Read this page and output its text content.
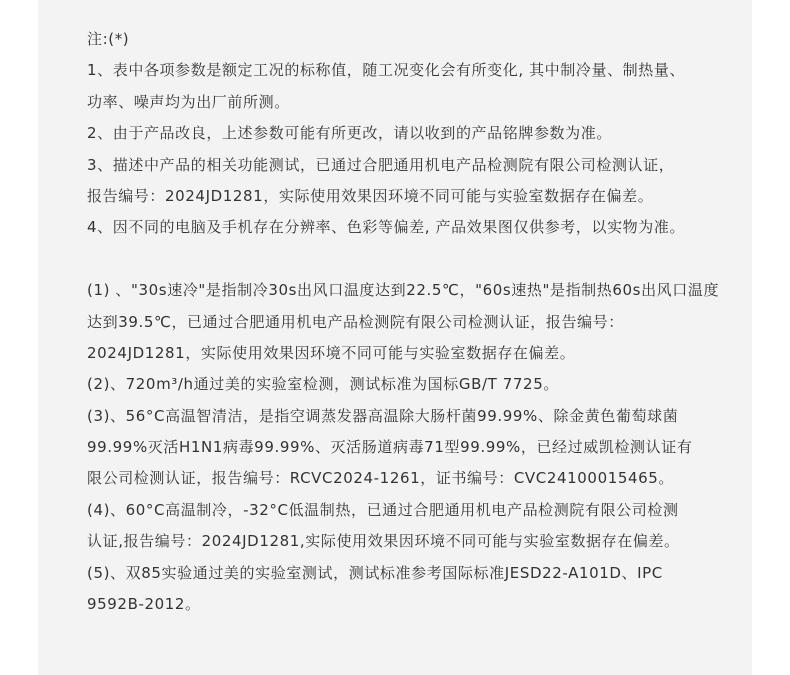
注:(*)

1、表中各项参数是额定工况的标称值，随工况变化会有所变化, 其中制冷量、制热量、

功率、噪声均为出厂前所测。

2、由于产品改良，上述参数可能有所更改，请以收到的产品铭牌参数为准。

3、描述中产品的相关功能测试，已通过合肥通用机电产品检测院有限公司检测认证，

报告编号：2024JD1281，实际使用效果因环境不同可能与实验室数据存在偏差。

4、因不同的电脑及手机存在分辨率、色彩等偏差, 产品效果图仅供参考，以实物为准。

(1) 、"30s速冷"是指制冷30s出风口温度达到22.5℃，"60s速热"是指制热60s出风口温度

达到39.5℃，已通过合肥通用机电产品检测院有限公司检测认证，报告编号：

2024JD1281，实际使用效果因环境不同可能与实验室数据存在偏差。

(2)、720m³/h通过美的实验室检测，测试标准为国标GB/T 7725。

(3)、56°C高温智清洁，是指空调蒸发器高温除大肠杆菌99.99%、除金黄色葡萄球菌

99.99%灭活H1N1病毒99.99%、灭活肠道病毒71型99.99%，已经过威凯检测认证有

限公司检测认证，报告编号：RCVC2024-1261，证书编号：CVC24100015465。

(4)、60°C高温制冷，-32°C低温制热，已通过合肥通用机电产品检测院有限公司检测

认证,报告编号：2024JD1281,实际使用效果因环境不同可能与实验室数据存在偏差。

(5)、双85实验通过美的实验室测试，测试标准参考国际标准JESD22-A101D、IPC

9592B-2012。
